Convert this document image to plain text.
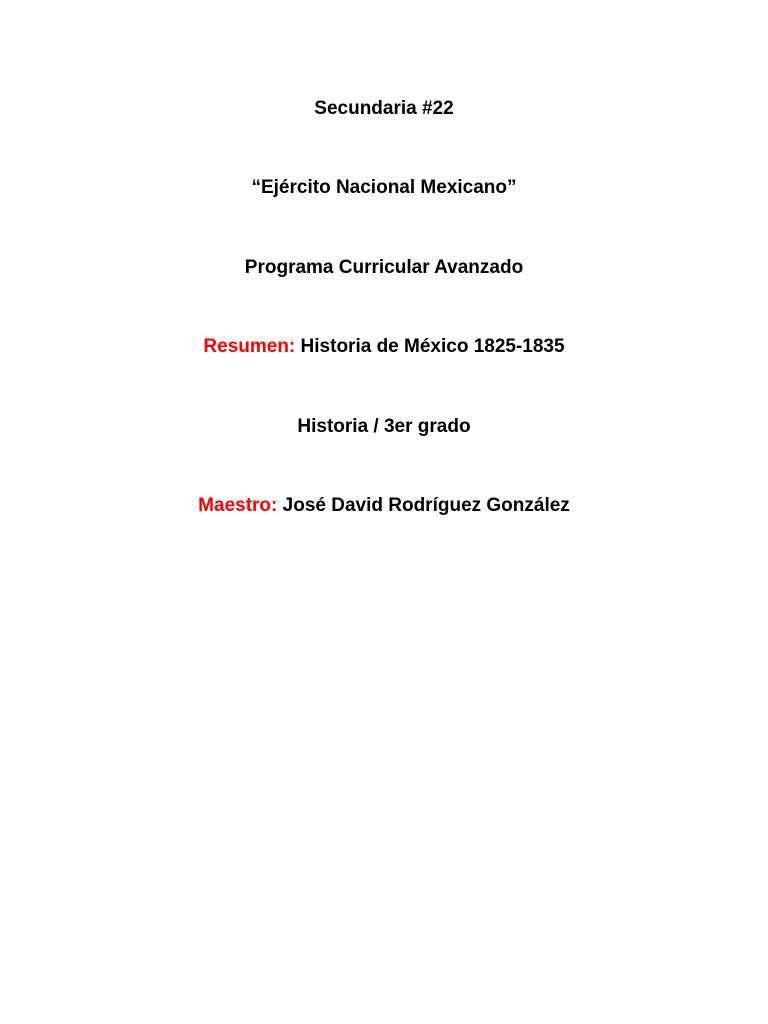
Secundaria #22
“Ejército Nacional Mexicano”
Programa Curricular Avanzado
Resumen: Historia de México 1825-1835
Historia / 3er grado
Maestro: José David Rodríguez González
